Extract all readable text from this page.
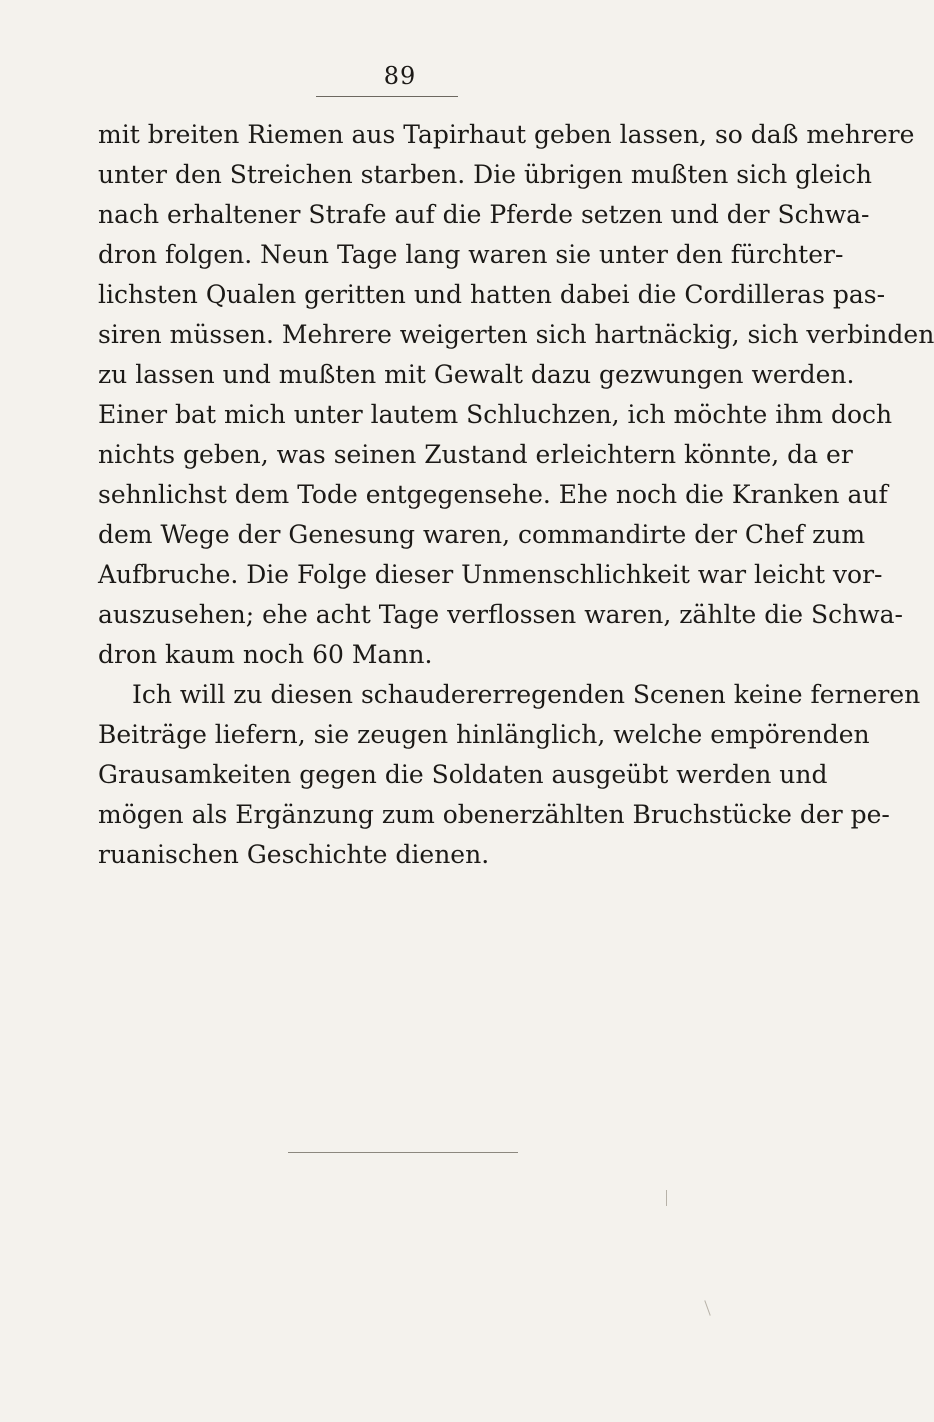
89
mit breiten Riemen aus Tapirhaut geben lassen, so daß mehrere
unter den Streichen starben. Die übrigen mußten sich gleich
nach erhaltener Strafe auf die Pferde setzen und der Schwa-
dron folgen. Neun Tage lang waren sie unter den fürchter-
lichsten Qualen geritten und hatten dabei die Cordilleras pas-
siren müssen. Mehrere weigerten sich hartnäckig, sich verbinden
zu lassen und mußten mit Gewalt dazu gezwungen werden.
Einer bat mich unter lautem Schluchzen, ich möchte ihm doch
nichts geben, was seinen Zustand erleichtern könnte, da er
sehnlichst dem Tode entgegensehe. Ehe noch die Kranken auf
dem Wege der Genesung waren, commandirte der Chef zum
Aufbruche. Die Folge dieser Unmenschlichkeit war leicht vor-
auszusehen; ehe acht Tage verflossen waren, zählte die Schwa-
dron kaum noch 60 Mann.
Ich will zu diesen schaudererregenden Scenen keine ferneren
Beiträge liefern, sie zeugen hinlänglich, welche empörenden
Grausamkeiten gegen die Soldaten ausgeübt werden und
mögen als Ergänzung zum obenerzählten Bruchstücke der pe-
ruanischen Geschichte dienen.
